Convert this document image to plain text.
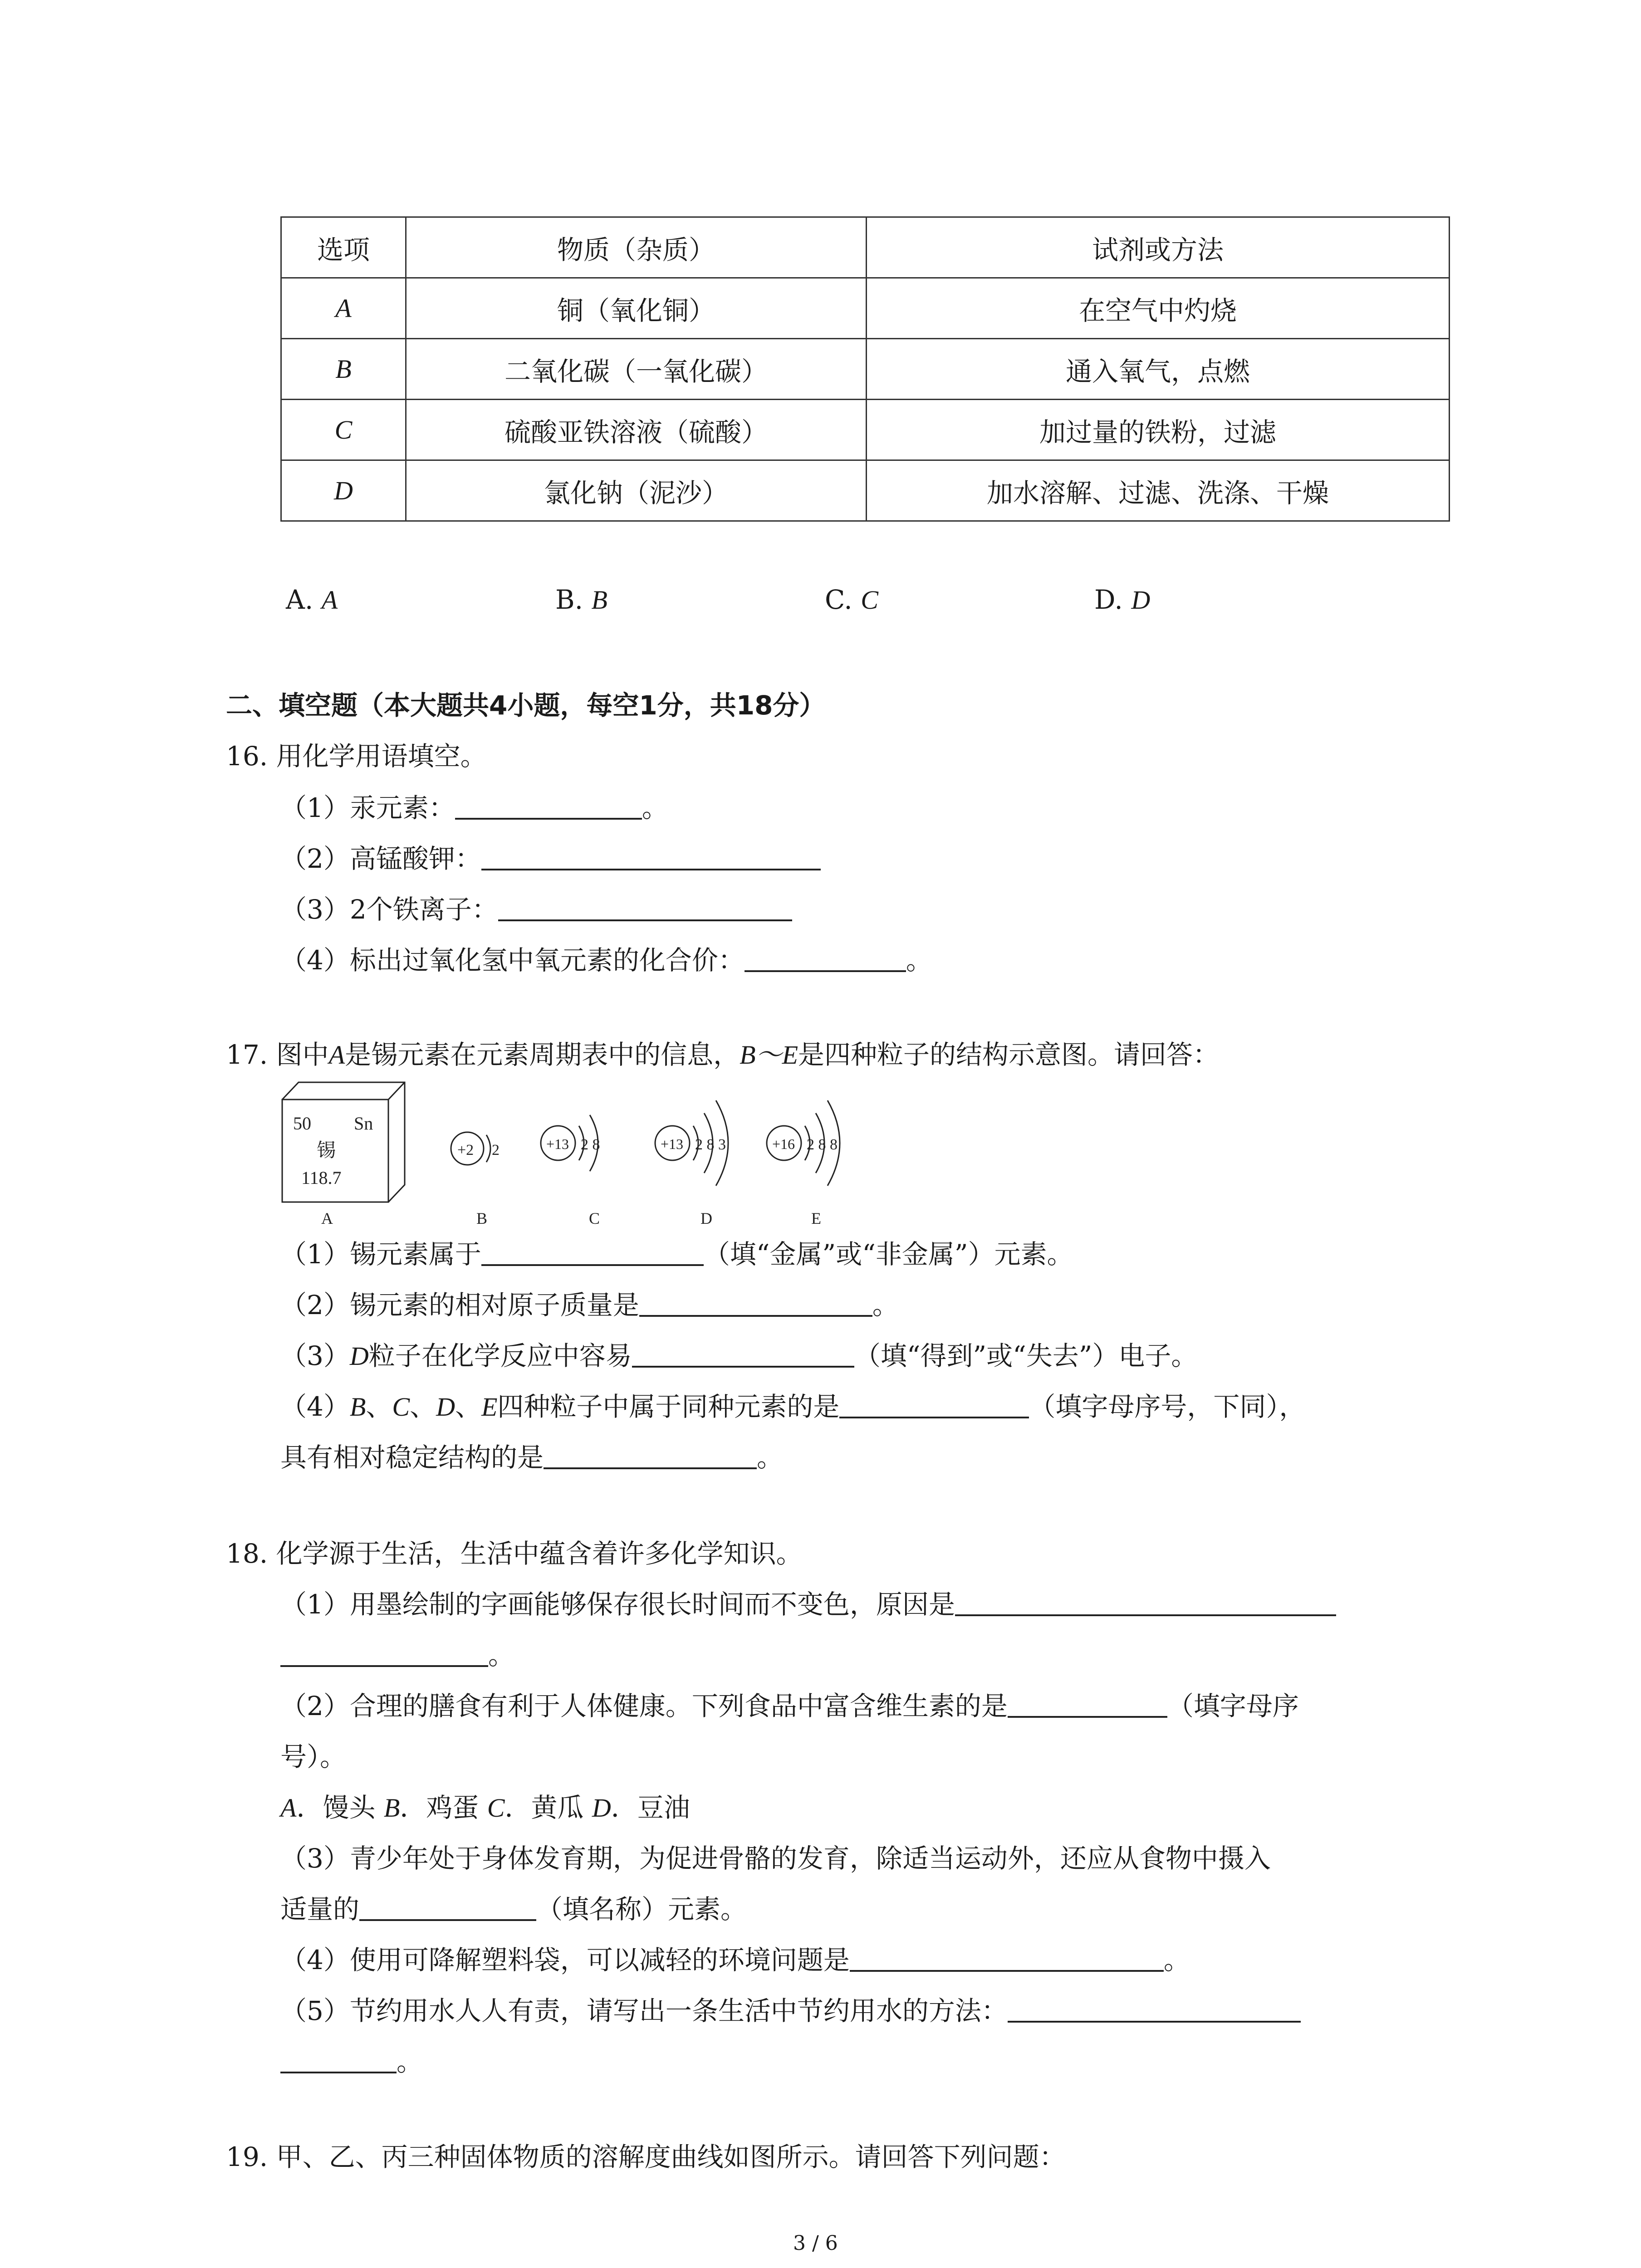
选项	物质（杂质）	试剂或方法
A	铜（氧化铜）	在空气中灼烧
B	二氧化碳（一氧化碳）	通入氧气，点燃
C	硫酸亚铁溶液（硫酸）	加过量的铁粉，过滤
D	氯化钠（泥沙）	加水溶解、过滤、洗涤、干燥
A. A	B. B	C. C	D. D
二、填空题（本大题共4小题，每空1分，共18分）
16. 用化学用语填空。
（1）汞元素：	。
（2）高锰酸钾：
（3）2个铁离子：
（4）标出过氧化氢中氧元素的化合价：	。
17. 图中A是锡元素在元素周期表中的信息，B～E是四种粒子的结构示意图。请回答：
50 Sn
锡
118.7
+2 2	+13 2 8	+13 2 8 3	+16 2 8 8
A	B	C	D	E
（1）锡元素属于	（填“金属”或“非金属”）元素。
（2）锡元素的相对原子质量是	。
（3）D粒子在化学反应中容易	（填“得到”或“失去”）电子。
（4）B、C、D、E四种粒子中属于同种元素的是	（填字母序号，下同），
具有相对稳定结构的是	。
18. 化学源于生活，生活中蕴含着许多化学知识。
（1）用墨绘制的字画能够保存很长时间而不变色，原因是
。
（2）合理的膳食有利于人体健康。下列食品中富含维生素的是	（填字母序
号）。
A．馒头 B．鸡蛋 C．黄瓜 D．豆油
（3）青少年处于身体发育期，为促进骨骼的发育，除适当运动外，还应从食物中摄入
适量的	（填名称）元素。
（4）使用可降解塑料袋，可以减轻的环境问题是	。
（5）节约用水人人有责，请写出一条生活中节约用水的方法：
。
19. 甲、乙、丙三种固体物质的溶解度曲线如图所示。请回答下列问题：
3 / 6
